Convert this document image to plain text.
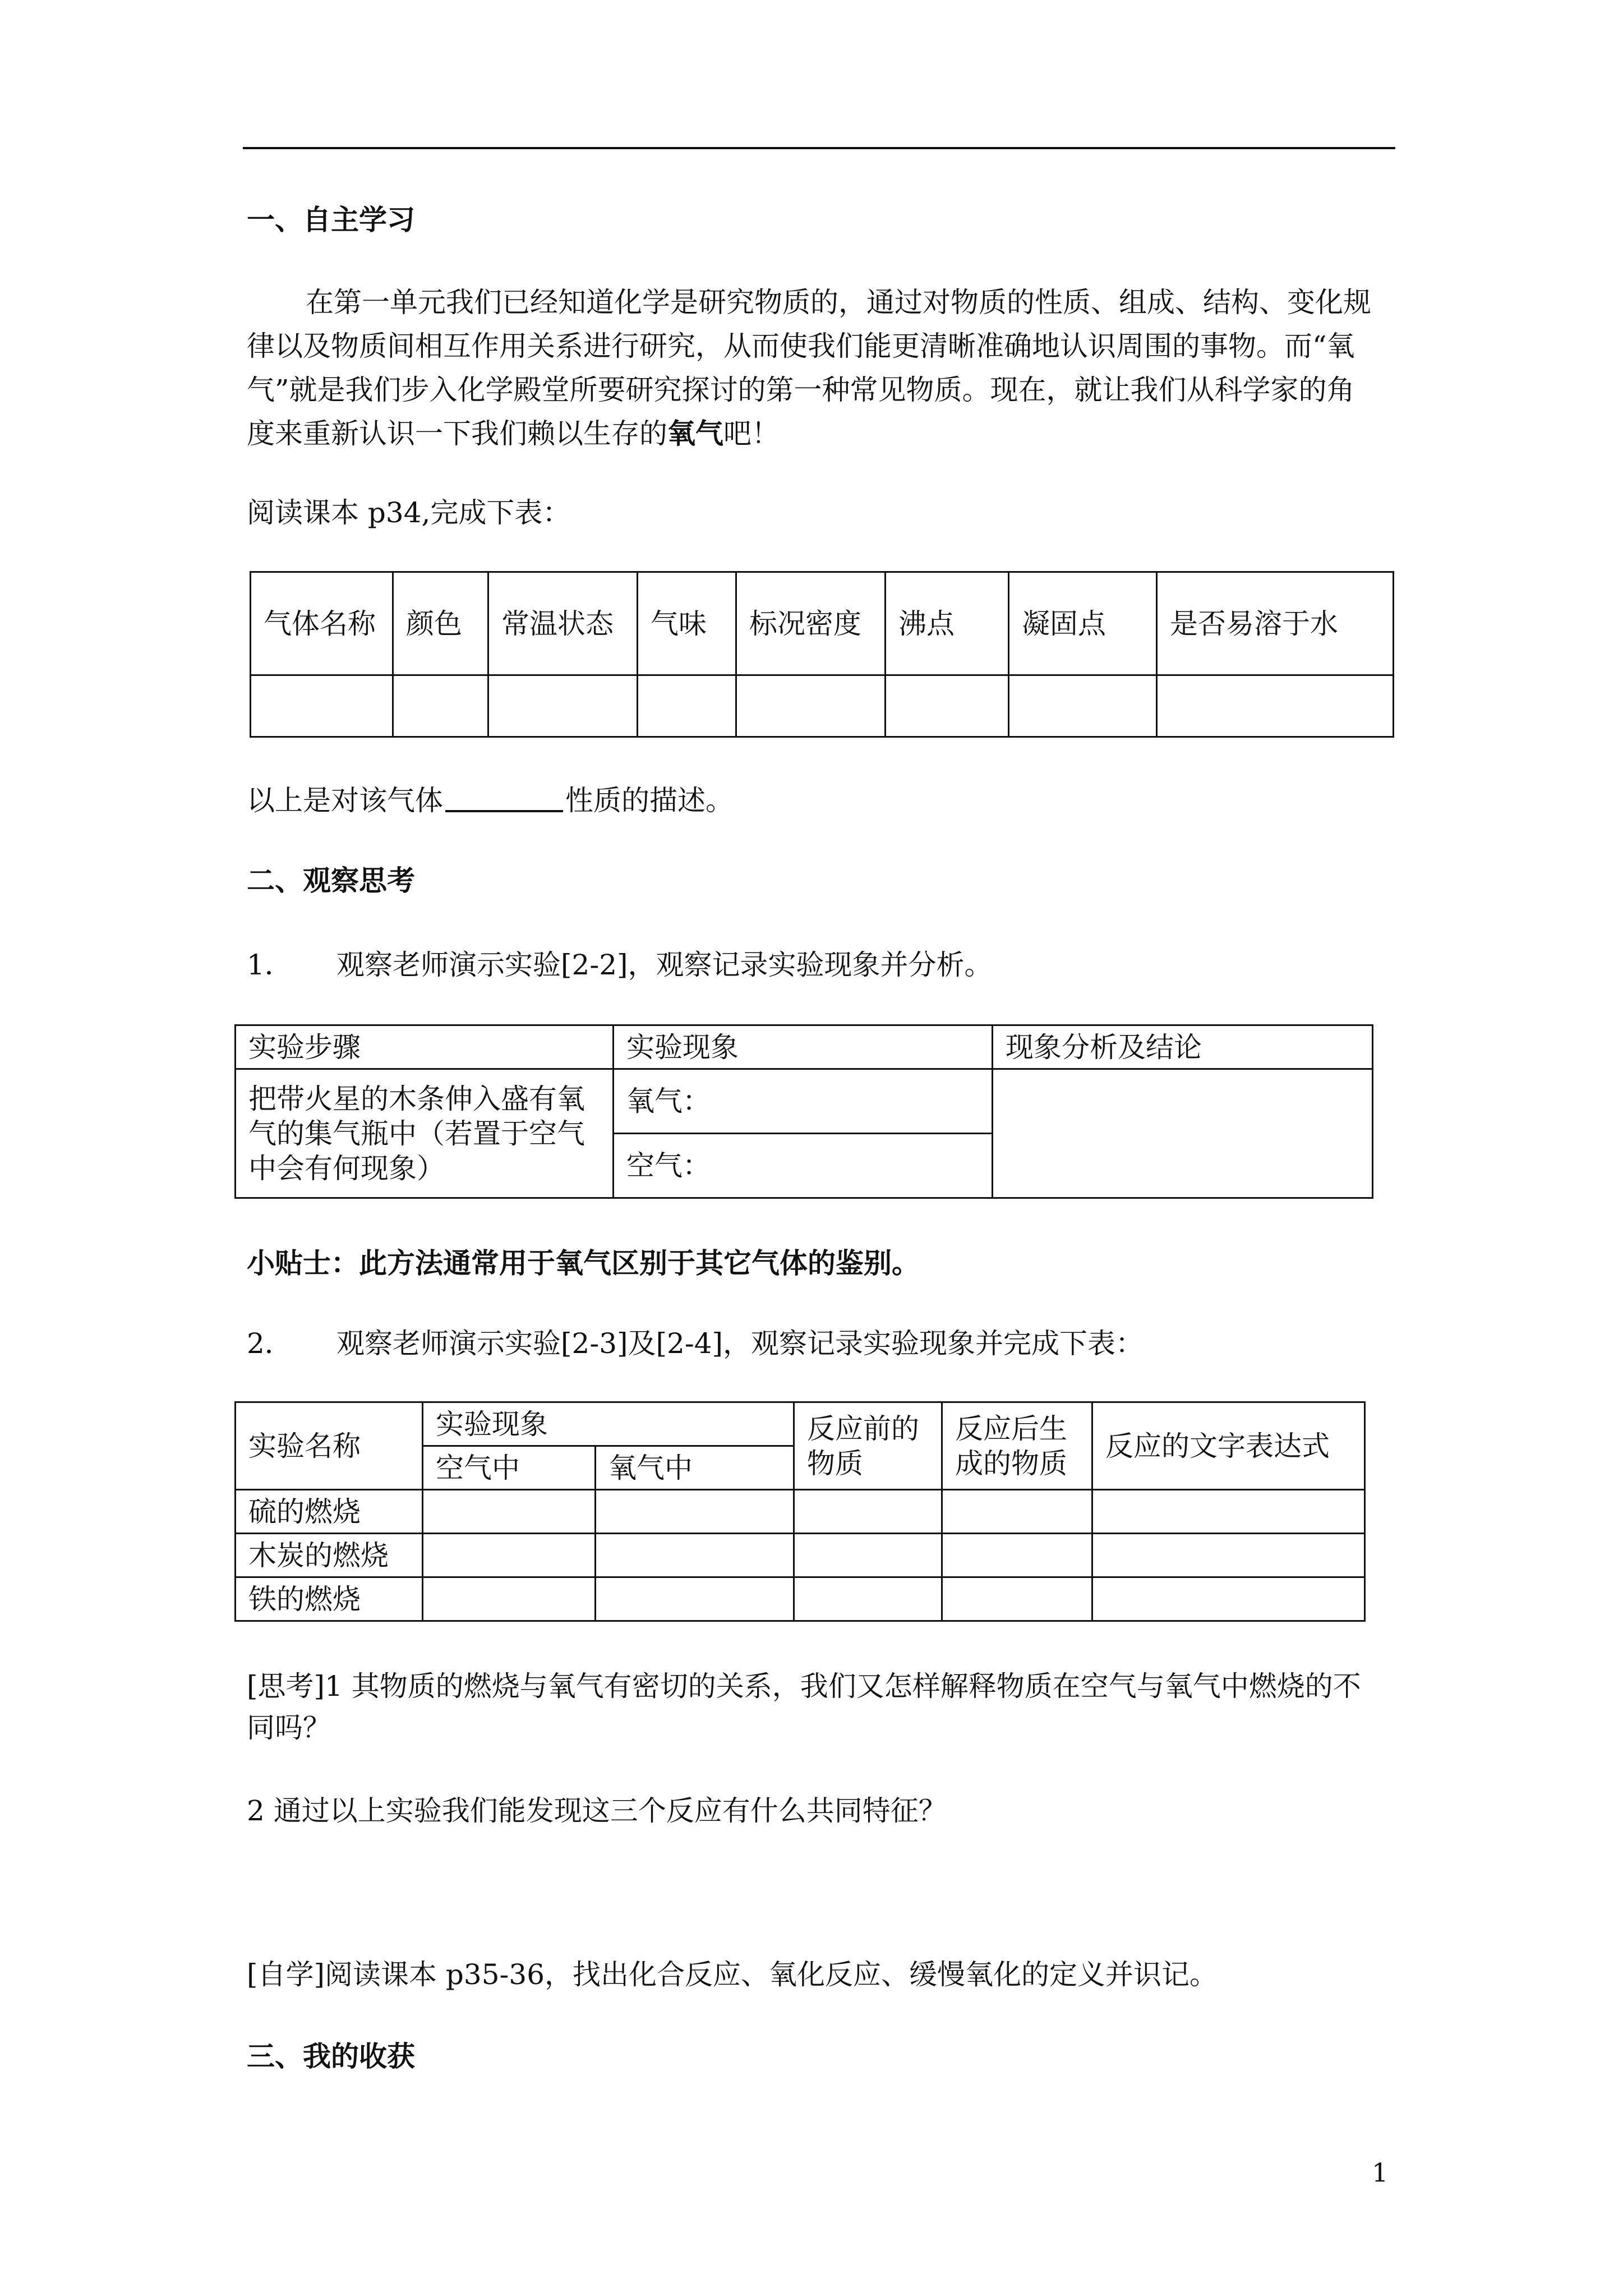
一、自主学习
在第一单元我们已经知道化学是研究物质的，通过对物质的性质、组成、结构、变化规
律以及物质间相互作用关系进行研究，从而使我们能更清晰准确地认识周围的事物。而“氧
气”就是我们步入化学殿堂所要研究探讨的第一种常见物质。现在，就让我们从科学家的角
度来重新认识一下我们赖以生存的氧气吧！
阅读课本 p34,完成下表：
气体名称	颜色	常温状态	气味	标况密度	沸点	凝固点	是否易溶于水

以上是对该气体	性质的描述。
二、观察思考
1． 观察老师演示实验[2-2]，观察记录实验现象并分析。
实验步骤	实验现象	现象分析及结论
把带火星的木条伸入盛有氧气的集气瓶中（若置于空气中会有何现象）	氧气：	
	空气：	
小贴士：此方法通常用于氧气区别于其它气体的鉴别。
2． 观察老师演示实验[2-3]及[2-4]，观察记录实验现象并完成下表：
实验名称	实验现象		反应前的物质	反应后生成的物质	反应的文字表达式
	空气中	氧气中			
硫的燃烧					
木炭的燃烧					
铁的燃烧					
[思考]1 其物质的燃烧与氧气有密切的关系，我们又怎样解释物质在空气与氧气中燃烧的不
同吗？
2 通过以上实验我们能发现这三个反应有什么共同特征？
[自学]阅读课本 p35-36，找出化合反应、氧化反应、缓慢氧化的定义并识记。
三、我的收获
1
